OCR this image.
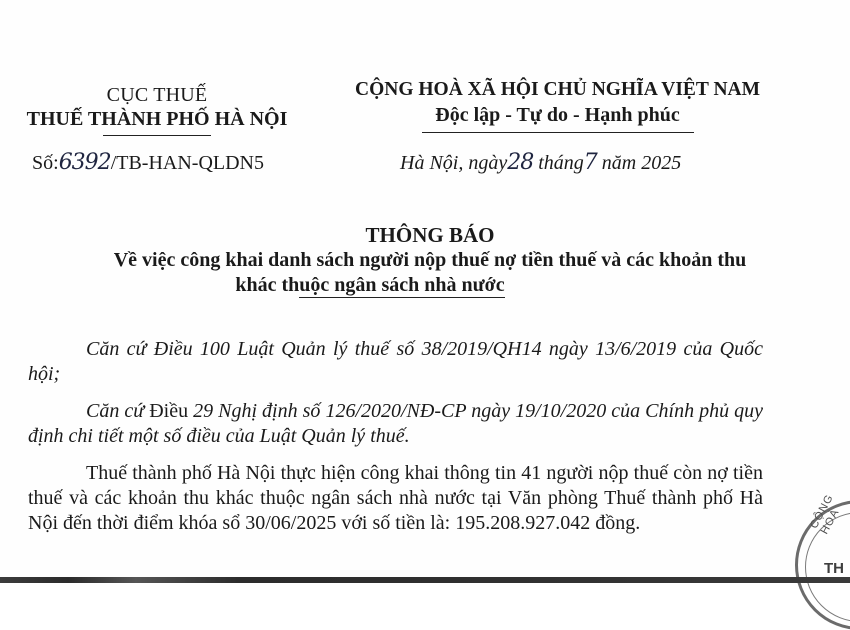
CỤC THUẾ
THUẾ THÀNH PHỐ HÀ NỘI
Số:6392/TB-HAN-QLDN5
CỘNG HOÀ XÃ HỘI CHỦ NGHĨA VIỆT NAM
Độc lập - Tự do - Hạnh phúc
Hà Nội, ngày28 tháng7 năm 2025
THÔNG BÁO
Về việc công khai danh sách người nộp thuế nợ tiền thuế và các khoản thu
khác thuộc ngân sách nhà nước

Căn cứ Điều 100 Luật Quản lý thuế số 38/2019/QH14 ngày 13/6/2019 của Quốc hội;

Căn cứ Điều 29 Nghị định số 126/2020/NĐ-CP ngày 19/10/2020 của Chính phủ quy định chi tiết một số điều của Luật Quản lý thuế.

Thuế thành phố Hà Nội thực hiện công khai thông tin 41 người nộp thuế còn nợ tiền thuế và các khoản thu khác thuộc ngân sách nhà nước tại Văn phòng Thuế thành phố Hà Nội đến thời điểm khóa sổ 30/06/2025 với số tiền là: 195.208.927.042 đồng.	CỘNG HOÀ
TH
